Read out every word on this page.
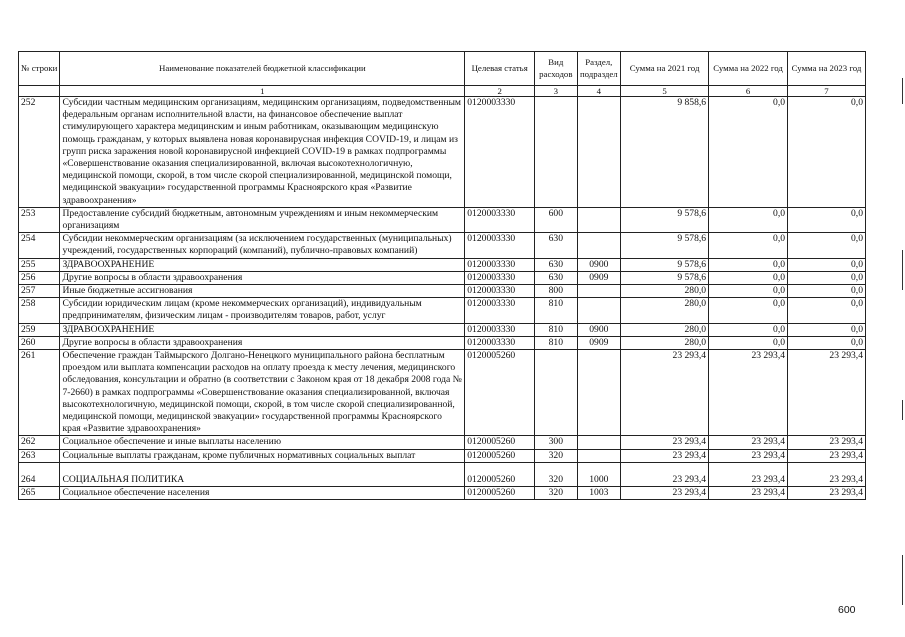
№ строки	Наименование показателей бюджетной классификации	Целевая статья	Вид расходов	Раздел, подраздел	Сумма на 2021 год	Сумма на 2022 год	Сумма на 2023 год
	1	2	3	4	5	6	7
252	Субсидии частным медицинским организациям, медицинским организациям, подведомственным федеральным органам исполнительной власти, на финансовое обеспечение выплат стимулирующего характера медицинским и иным работникам, оказывающим медицинскую помощь гражданам, у которых выявлена новая коронавирусная инфекция COVID-19, и лицам из групп риска заражения новой коронавирусной инфекцией COVID-19 в рамках подпрограммы «Совершенствование оказания специализированной, включая высокотехнологичную, медицинской помощи, скорой, в том числе скорой специализированной, медицинской помощи, медицинской эвакуации» государственной программы Красноярского края «Развитие здравоохранения»	0120003330			9 858,6	0,0	0,0
253	Предоставление субсидий бюджетным, автономным учреждениям и иным некоммерческим организациям	0120003330	600		9 578,6	0,0	0,0
254	Субсидии некоммерческим организациям (за исключением государственных (муниципальных) учреждений, государственных корпораций (компаний), публично-правовых компаний)	0120003330	630		9 578,6	0,0	0,0
255	ЗДРАВООХРАНЕНИЕ	0120003330	630	0900	9 578,6	0,0	0,0
256	Другие вопросы в области здравоохранения	0120003330	630	0909	9 578,6	0,0	0,0
257	Иные бюджетные ассигнования	0120003330	800		280,0	0,0	0,0
258	Субсидии юридическим лицам (кроме некоммерческих организаций), индивидуальным предпринимателям, физическим лицам - производителям товаров, работ, услуг	0120003330	810		280,0	0,0	0,0
259	ЗДРАВООХРАНЕНИЕ	0120003330	810	0900	280,0	0,0	0,0
260	Другие вопросы в области здравоохранения	0120003330	810	0909	280,0	0,0	0,0
261	Обеспечение граждан Таймырского Долгано-Ненецкого муниципального района бесплатным проездом или выплата компенсации расходов на оплату проезда к месту лечения, медицинского обследования, консультации и обратно (в соответствии с Законом края от 18 декабря 2008 года № 7-2660) в рамках подпрограммы «Совершенствование оказания специализированной, включая высокотехнологичную, медицинской помощи, скорой, в том числе скорой специализированной, медицинской помощи, медицинской эвакуации» государственной программы Красноярского края «Развитие здравоохранения»	0120005260			23 293,4	23 293,4	23 293,4
262	Социальное обеспечение и иные выплаты населению	0120005260	300		23 293,4	23 293,4	23 293,4
263	Социальные выплаты гражданам, кроме публичных нормативных социальных выплат	0120005260	320		23 293,4	23 293,4	23 293,4
264	СОЦИАЛЬНАЯ ПОЛИТИКА	0120005260	320	1000	23 293,4	23 293,4	23 293,4
265	Социальное обеспечение населения	0120005260	320	1003	23 293,4	23 293,4	23 293,4
600
